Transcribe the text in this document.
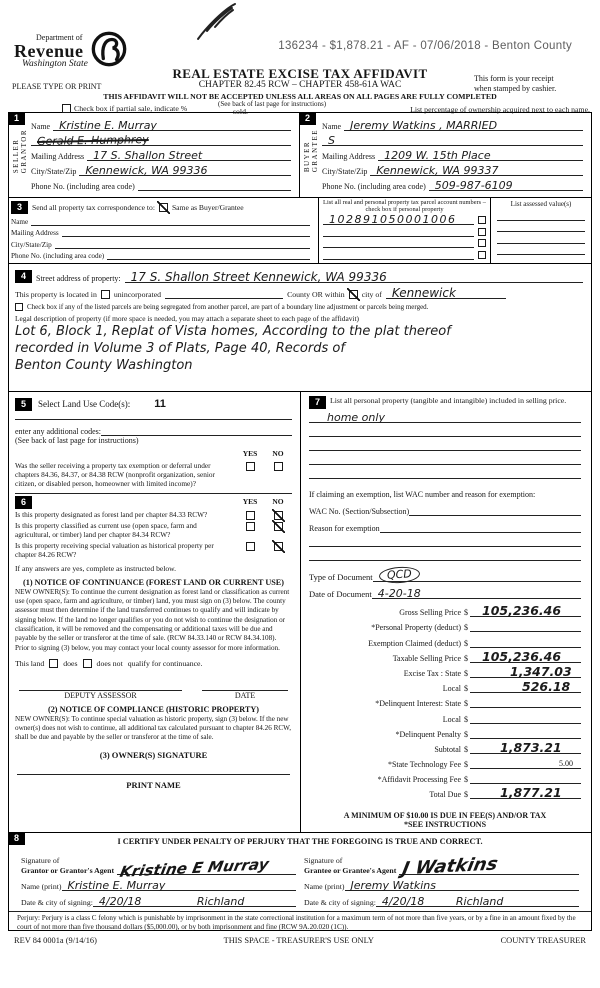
Department of
Revenue
Washington State
136234 - $1,878.21 - AF - 07/06/2018 - Benton County
REAL ESTATE EXCISE TAX AFFIDAVIT
PLEASE TYPE OR PRINT	CHAPTER 82.45 RCW – CHAPTER 458-61A WAC
This form is your receipt
when stamped by cashier.
THIS AFFIDAVIT WILL NOT BE ACCEPTED UNLESS ALL AREAS ON ALL PAGES ARE FULLY COMPLETED
(See back of last page for instructions)
Check box if partial sale, indicate %	sold.	List percentage of ownership acquired next to each name.
1
SELLER GRANTOR
Name Kristine E. Murray
Gerald E. Humphrey
Mailing Address 17 S. Shallon Street
City/State/Zip Kennewick, WA 99336
Phone No. (including area code)
2
BUYER GRANTEE
Name Jeremy Watkins , MARRIED
S
Mailing Address 1209 W. 15th Place
City/State/Zip Kennewick, WA 99337
Phone No. (including area code) 509-987-6109
3	Send all property tax correspondence to: Same as Buyer/Grantee
Name
Mailing Address
City/State/Zip
Phone No. (including area code)
List all real and personal property tax parcel account numbers – check box if personal property
102891050001006
List assessed value(s)
4	Street address of property: 17 S. Shallon Street Kennewick, WA 99336
This property is located in unincorporated	County OR within city of Kennewick
Check box if any of the listed parcels are being segregated from another parcel, are part of a boundary line adjustment or parcels being merged.
Legal description of property (if more space is needed, you may attach a separate sheet to each page of the affidavit)
Lot 6, Block 1, Replat of Vista homes, According to the plat thereof
recorded in Volume 3 of Plats, Page 40, Records of
Benton County Washington
5	Select Land Use Code(s): 11
enter any additional codes:
(See back of last page for instructions)
YES	NO
Was the seller receiving a property tax exemption or deferral under chapters 84.36, 84.37, or 84.38 RCW (nonprofit organization, senior citizen, or disabled person, homeowner with limited income)?
6	YES	NO
Is this property designated as forest land per chapter 84.33 RCW?
Is this property classified as current use (open space, farm and agricultural, or timber) land per chapter 84.34 RCW?
Is this property receiving special valuation as historical property per chapter 84.26 RCW?
If any answers are yes, complete as instructed below.
(1) NOTICE OF CONTINUANCE (FOREST LAND OR CURRENT USE)
NEW OWNER(S): To continue the current designation as forest land or classification as current use (open space, farm and agriculture, or timber) land, you must sign on (3) below. The county assessor must then determine if the land transferred continues to qualify and will indicate by signing below. If the land no longer qualifies or you do not wish to continue the designation or classification, it will be removed and the compensating or additional taxes will be due and payable by the seller or transferor at the time of sale. (RCW 84.33.140 or RCW 84.34.108). Prior to signing (3) below, you may contact your local county assessor for more information.
This land does does not qualify for continuance.
DEPUTY ASSESSOR	DATE
(2) NOTICE OF COMPLIANCE (HISTORIC PROPERTY)
NEW OWNER(S): To continue special valuation as historic property, sign (3) below. If the new owner(s) does not wish to continue, all additional tax calculated pursuant to chapter 84.26 RCW, shall be due and payable by the seller or transferor at the time of sale.
(3) OWNER(S) SIGNATURE
PRINT NAME
7	List all personal property (tangible and intangible) included in selling price.
home only
If claiming an exemption, list WAC number and reason for exemption:
WAC No. (Section/Subsection)
Reason for exemption
Type of Document	QCD
Date of Document 4-20-18
Gross Selling Price $ 105,236.46
*Personal Property (deduct) $
Exemption Claimed (deduct) $
Taxable Selling Price $ 105,236.46
Excise Tax : State $	1,347.03
Local $	526.18
*Delinquent Interest: State $
Local $
*Delinquent Penalty $
Subtotal $	1,873.21
*State Technology Fee $	5.00
*Affidavit Processing Fee $
Total Due $	1,877.21
A MINIMUM OF $10.00 IS DUE IN FEE(S) AND/OR TAX
*SEE INSTRUCTIONS
8	I CERTIFY UNDER PENALTY OF PERJURY THAT THE FOREGOING IS TRUE AND CORRECT.
Signature of
Grantor or Grantor's Agent Kristine E Murray
Name (print) Kristine E. Murray
Date & city of signing: 4/20/18	Richland
Signature of
Grantee or Grantee's Agent J Watkins
Name (print) Jeremy Watkins
Date & city of signing: 4/20/18	Richland
Perjury: Perjury is a class C felony which is punishable by imprisonment in the state correctional institution for a maximum term of not more than five years, or by a fine in an amount fixed by the court of not more than five thousand dollars ($5,000.00), or by both imprisonment and fine (RCW 9A.20.020 (1C)).
REV 84 0001a (9/14/16)	THIS SPACE - TREASURER'S USE ONLY	COUNTY TREASURER
